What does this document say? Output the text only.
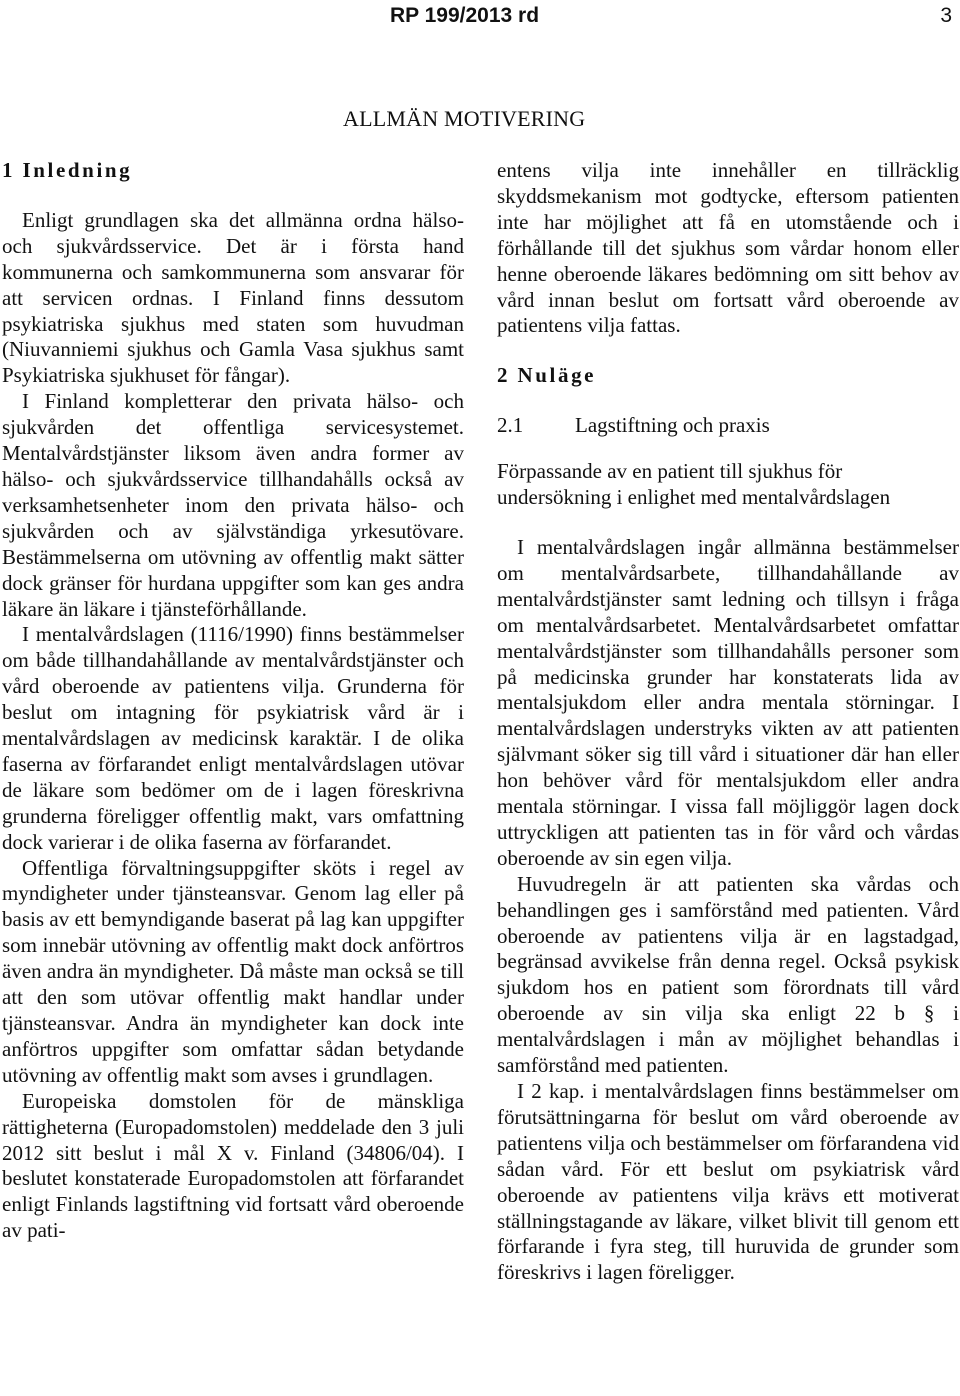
RP 199/2013 rd	3
ALLMÄN MOTIVERING
1 Inledning

Enligt grundlagen ska det allmänna ordna hälso- och sjukvårdsservice. Det är i första hand kommunerna och samkommunerna som ansvarar för att servicen ordnas. I Finland finns dessutom psykiatriska sjukhus med staten som huvudman (Niuvanniemi sjukhus och Gamla Vasa sjukhus samt Psykiatriska sjukhuset för fångar).

I Finland kompletterar den privata hälso- och sjukvården det offentliga servicesystemet. Mentalvårdstjänster liksom även andra former av hälso- och sjukvårdsservice tillhandahålls också av verksamhetsenheter inom den privata hälso- och sjukvården och av självständiga yrkesutövare. Bestämmelserna om utövning av offentlig makt sätter dock gränser för hurdana uppgifter som kan ges andra läkare än läkare i tjänsteförhållande.

I mentalvårdslagen (1116/1990) finns bestämmelser om både tillhandahållande av mentalvårdstjänster och vård oberoende av patientens vilja. Grunderna för beslut om intagning för psykiatrisk vård är i mentalvårdslagen av medicinsk karaktär. I de olika faserna av förfarandet enligt mentalvårdslagen utövar de läkare som bedömer om de i lagen föreskrivna grunderna föreligger offentlig makt, vars omfattning dock varierar i de olika faserna av förfarandet.

Offentliga förvaltningsuppgifter sköts i regel av myndigheter under tjänsteansvar. Genom lag eller på basis av ett bemyndigande baserat på lag kan uppgifter som innebär utövning av offentlig makt dock anförtros även andra än myndigheter. Då måste man också se till att den som utövar offentlig makt handlar under tjänsteansvar. Andra än myndigheter kan dock inte anförtros uppgifter som omfattar sådan betydande utövning av offentlig makt som avses i grundlagen.

Europeiska domstolen för de mänskliga rättigheterna (Europadomstolen) meddelade den 3 juli 2012 sitt beslut i mål X v. Finland (34806/04). I beslutet konstaterade Europadomstolen att förfarandet enligt Finlands lagstiftning vid fortsatt vård oberoende av pati-

entens vilja inte innehåller en tillräcklig skyddsmekanism mot godtycke, eftersom patienten inte har möjlighet att få en utomstående och i förhållande till det sjukhus som vårdar honom eller henne oberoende läkares bedömning om sitt behov av vård innan beslut om fortsatt vård oberoende av patientens vilja fattas.

2 Nuläge
2.1	Lagstiftning och praxis

Förpassande av en patient till sjukhus för undersökning i enlighet med mentalvårdslagen

I mentalvårdslagen ingår allmänna bestämmelser om mentalvårdsarbete, tillhandahållande av mentalvårdstjänster samt ledning och tillsyn i fråga om mentalvårdsarbetet. Mentalvårdsarbetet omfattar mentalvårdstjänster som tillhandahålls personer som på medicinska grunder har konstaterats lida av mentalsjukdom eller andra mentala störningar. I mentalvårdslagen understryks vikten av att patienten självmant söker sig till vård i situationer där han eller hon behöver vård för mentalsjukdom eller andra mentala störningar. I vissa fall möjliggör lagen dock uttryckligen att patienten tas in för vård och vårdas oberoende av sin egen vilja.

Huvudregeln är att patienten ska vårdas och behandlingen ges i samförstånd med patienten. Vård oberoende av patientens vilja är en lagstadgad, begränsad avvikelse från denna regel. Också psykisk sjukdom hos en patient som förordnats till vård oberoende av sin vilja ska enligt 22 b § i mentalvårdslagen i mån av möjlighet behandlas i samförstånd med patienten.

I 2 kap. i mentalvårdslagen finns bestämmelser om förutsättningarna för beslut om vård oberoende av patientens vilja och bestämmelser om förfarandena vid sådan vård. För ett beslut om psykiatrisk vård oberoende av patientens vilja krävs ett motiverat ställningstagande av läkare, vilket blivit till genom ett förfarande i fyra steg, till huruvida de grunder som föreskrivs i lagen föreligger.
